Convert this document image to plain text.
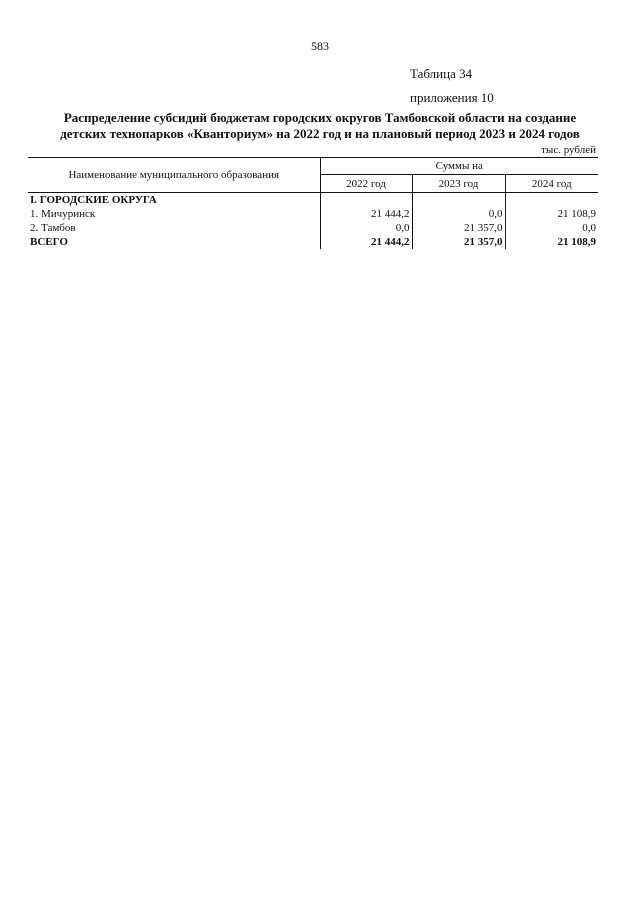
583
Таблица 34
приложения 10
Распределение субсидий бюджетам городских округов Тамбовской области на создание
детских технопарков «Кванториум» на 2022 год и на плановый период 2023 и 2024 годов
тыс. рублей
Наименование муниципального образования	Суммы на		
	2022 год	2023 год	2024 год
I. ГОРОДСКИЕ ОКРУГА			
1. Мичуринск	21 444,2	0,0	21 108,9
2. Тамбов	0,0	21 357,0	0,0
ВСЕГО	21 444,2	21 357,0	21 108,9
